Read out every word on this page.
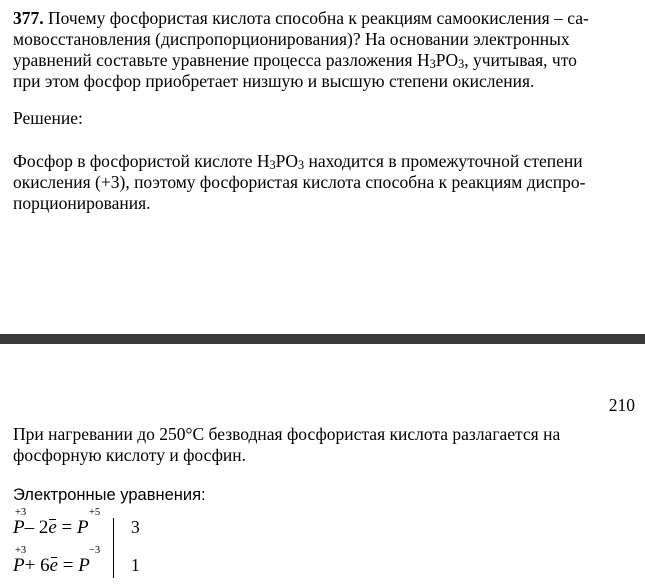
377. Почему фосфористая кислота способна к реакциям самоокисления – са-
мовосстановления (диспропорционирования)? На основании электронных
уравнений составьте уравнение процесса разложения $H_3PO_3$, учитывая, что
при этом фосфор приобретает низшую и высшую степени окисления.
Решение:
Фосфор в фосфористой кислоте $H_3PO_3$ находится в промежуточной степени
окисления (+3), поэтому фосфористая кислота способна к реакциям диспро-
порционирования.
210
При нагревании до 250°С безводная фосфористая кислота разлагается на
фосфорную кислоту и фосфин.
Электронные уравнения:
+3	+5
P– 2e = P 3
+3	−3
P+ 6e = P 1
